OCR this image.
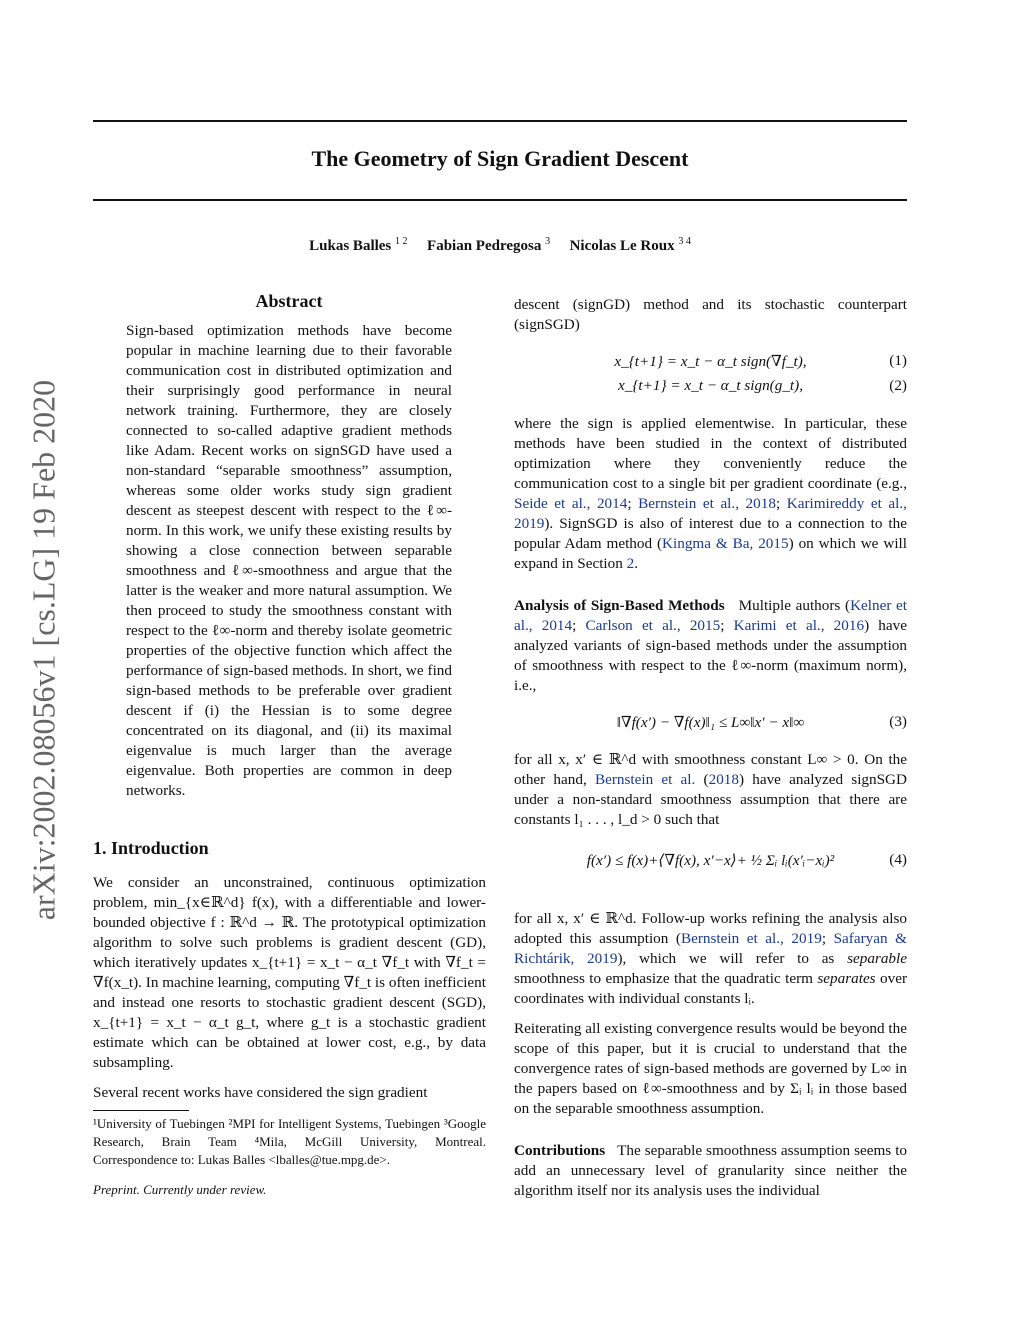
The Geometry of Sign Gradient Descent
Lukas Balles $^{1 2}$ Fabian Pedregosa $^3$ Nicolas Le Roux $^{3 4}$
arXiv:2002.08056v1 [cs.LG] 19 Feb 2020
Abstract
Sign-based optimization methods have become popular in machine learning due to their favorable communication cost in distributed optimization and their surprisingly good performance in neural network training. Furthermore, they are closely connected to so-called adaptive gradient methods like Adam. Recent works on signSGD have used a non-standard “separable smoothness” assumption, whereas some older works study sign gradient descent as steepest descent with respect to the ℓ∞-norm. In this work, we unify these existing results by showing a close connection between separable smoothness and ℓ∞-smoothness and argue that the latter is the weaker and more natural assumption. We then proceed to study the smoothness constant with respect to the ℓ∞-norm and thereby isolate geometric properties of the objective function which affect the performance of sign-based methods. In short, we find sign-based methods to be preferable over gradient descent if (i) the Hessian is to some degree concentrated on its diagonal, and (ii) its maximal eigenvalue is much larger than the average eigenvalue. Both properties are common in deep networks.
1. Introduction
We consider an unconstrained, continuous optimization problem, min_{x∈ℝ^d} f(x), with a differentiable and lower-bounded objective f : ℝ^d → ℝ. The prototypical optimization algorithm to solve such problems is gradient descent (GD), which iteratively updates x_{t+1} = x_t − α_t ∇f_t with ∇f_t = ∇f(x_t). In machine learning, computing ∇f_t is often inefficient and instead one resorts to stochastic gradient descent (SGD), x_{t+1} = x_t − α_t g_t, where g_t is a stochastic gradient estimate which can be obtained at lower cost, e.g., by data subsampling.
Several recent works have considered the sign gradient
¹University of Tuebingen ²MPI for Intelligent Systems, Tuebingen ³Google Research, Brain Team ⁴Mila, McGill University, Montreal. Correspondence to: Lukas Balles <lballes@tue.mpg.de>.
Preprint. Currently under review.
descent (signGD) method and its stochastic counterpart (signSGD)
x_{t+1} = x_t − α_t sign(∇f_t),	(1)
x_{t+1} = x_t − α_t sign(g_t),	(2)
where the sign is applied elementwise. In particular, these methods have been studied in the context of distributed optimization where they conveniently reduce the communication cost to a single bit per gradient coordinate (e.g., Seide et al., 2014; Bernstein et al., 2018; Karimireddy et al., 2019). SignSGD is also of interest due to a connection to the popular Adam method (Kingma & Ba, 2015) on which we will expand in Section 2.
Analysis of Sign-Based Methods Multiple authors (Kelner et al., 2014; Carlson et al., 2015; Karimi et al., 2016) have analyzed variants of sign-based methods under the assumption of smoothness with respect to the ℓ∞-norm (maximum norm), i.e.,
‖∇f(x′) − ∇f(x)‖₁ ≤ L∞‖x′ − x‖∞	(3)
for all x, x′ ∈ ℝ^d with smoothness constant L∞ > 0. On the other hand, Bernstein et al. (2018) have analyzed signSGD under a non-standard smoothness assumption that there are constants l₁ . . . , l_d > 0 such that
f(x′) ≤ f(x)+⟨∇f(x), x′−x⟩+ ½ Σᵢ lᵢ(x′ᵢ−xᵢ)²	(4)
for all x, x′ ∈ ℝ^d. Follow-up works refining the analysis also adopted this assumption (Bernstein et al., 2019; Safaryan & Richtárik, 2019), which we will refer to as separable smoothness to emphasize that the quadratic term separates over coordinates with individual constants lᵢ.
Reiterating all existing convergence results would be beyond the scope of this paper, but it is crucial to understand that the convergence rates of sign-based methods are governed by L∞ in the papers based on ℓ∞-smoothness and by Σᵢ lᵢ in those based on the separable smoothness assumption.
Contributions The separable smoothness assumption seems to add an unnecessary level of granularity since neither the algorithm itself nor its analysis uses the individual
